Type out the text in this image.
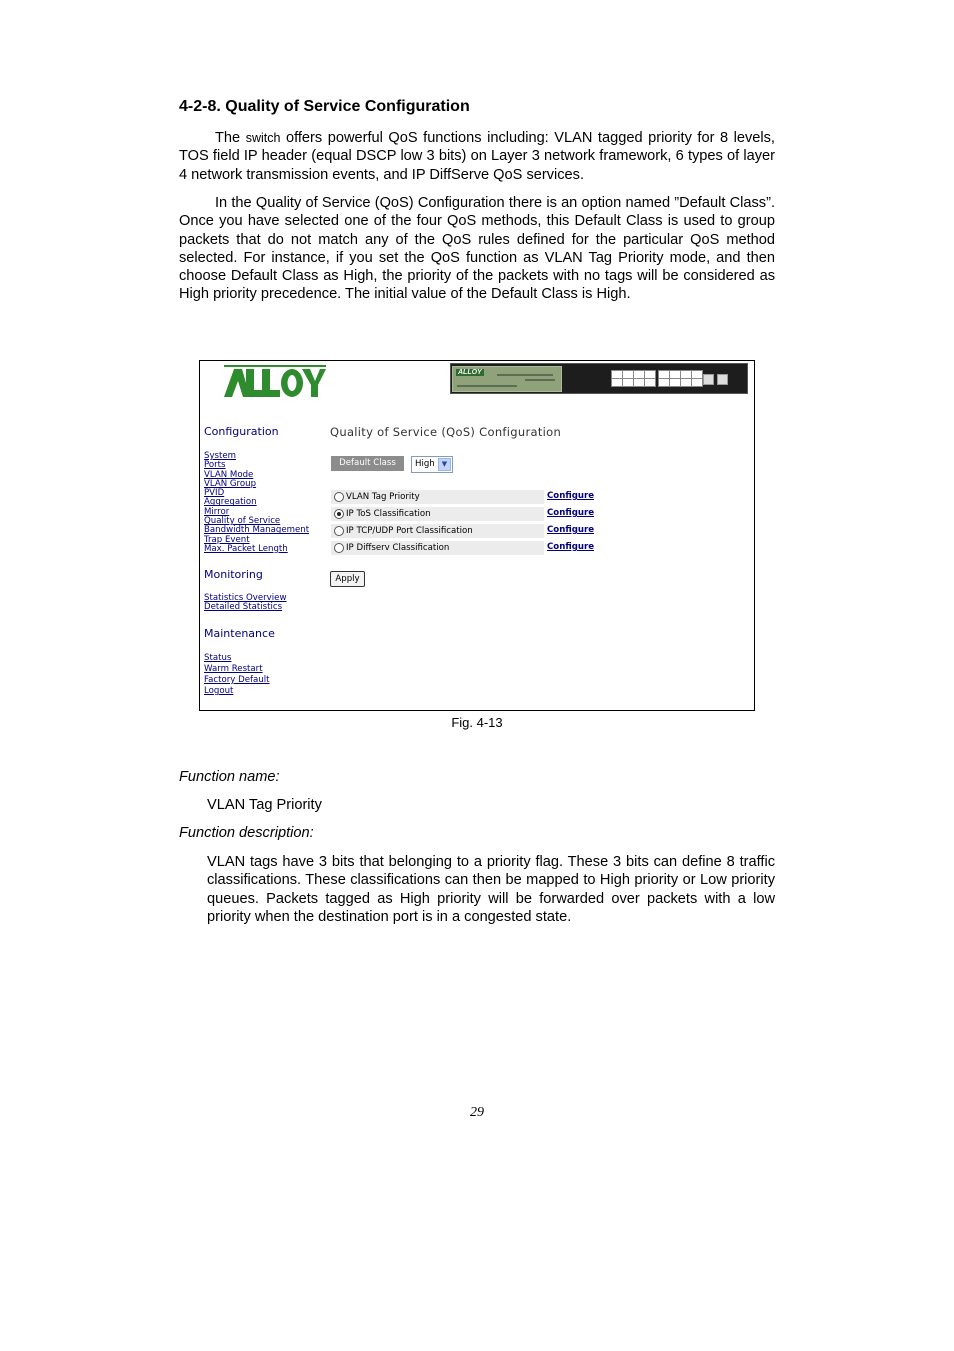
4-2-8. Quality of Service Configuration
The switch offers powerful QoS functions including: VLAN tagged priority for 8 levels, TOS field IP header (equal DSCP low 3 bits) on Layer 3 network framework, 6 types of layer 4 network transmission events, and IP DiffServe QoS services.
In the Quality of Service (QoS) Configuration there is an option named ”Default Class”. Once you have selected one of the four QoS methods, this Default Class is used to group packets that do not match any of the QoS rules defined for the particular QoS method selected. For instance, if you set the QoS function as VLAN Tag Priority mode, and then choose Default Class as High, the priority of the packets with no tags will be considered as High priority precedence. The initial value of the Default Class is High.
ALLOY
Configuration
System
Ports
VLAN Mode
VLAN Group
PVID
Aggregation
Mirror
Quality of Service
Bandwidth Management
Trap Event
Max. Packet Length
Monitoring
Statistics Overview
Detailed Statistics
Maintenance
Status
Warm Restart
Factory Default
Logout
Quality of Service (QoS) Configuration
Default Class	High	▼
VLAN Tag Priority	Configure
IP ToS Classification	Configure
IP TCP/UDP Port Classification	Configure
IP Diffserv Classification	Configure
Apply
Fig. 4-13
Function name:
VLAN Tag Priority
Function description:
VLAN tags have 3 bits that belonging to a priority flag. These 3 bits can define 8 traffic classifications. These classifications can then be mapped to High priority or Low priority queues. Packets tagged as High priority will be forwarded over packets with a low priority when the destination port is in a congested state.
29
